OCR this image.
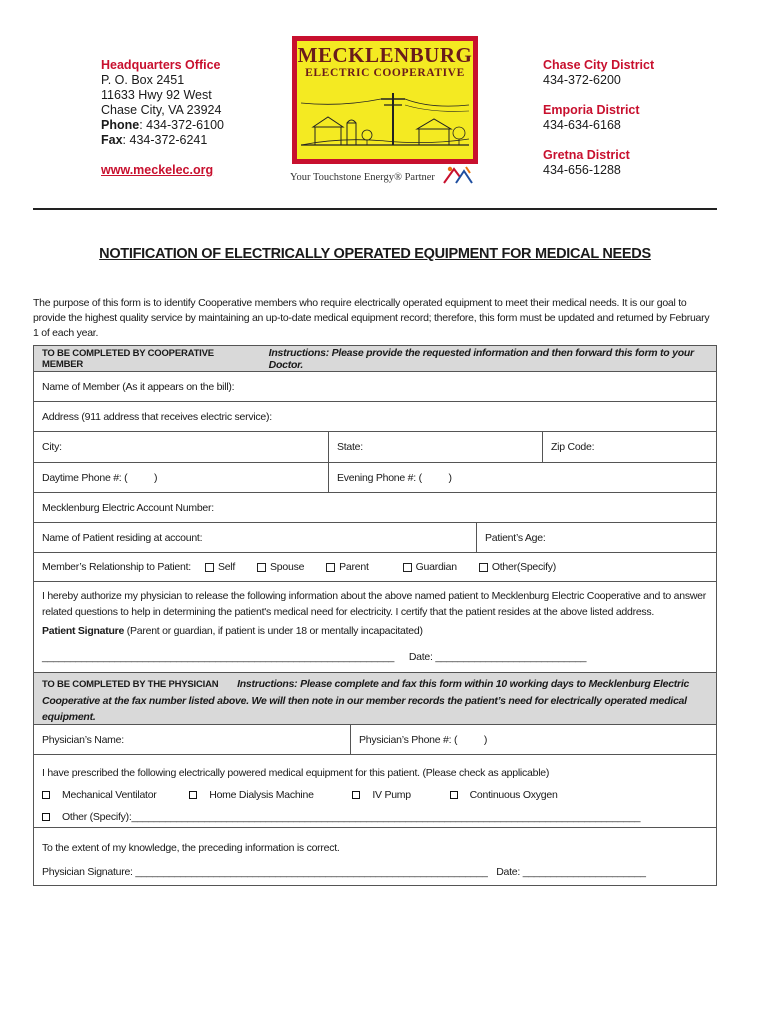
Headquarters Office
P. O. Box 2451
11633 Hwy 92 West
Chase City, VA 23924
Phone: 434-372-6100
Fax: 434-372-6241
www.meckelec.org
MECKLENBURG
ELECTRIC COOPERATIVE
Your Touchstone Energy® Partner
Chase City District
434-372-6200
Emporia District
434-634-6168
Gretna District
434-656-1288
NOTIFICATION OF ELECTRICALLY OPERATED EQUIPMENT FOR MEDICAL NEEDS
The purpose of this form is to identify Cooperative members who require electrically operated equipment to meet their medical needs. It is our goal to provide the highest quality service by maintaining an up-to-date medical equipment record; therefore, this form must be updated and returned by February 1 of each year.
TO BE COMPLETED BY COOPERATIVE MEMBER
Instructions: Please provide the requested information and then forward this form to your Doctor.
Name of Member (As it appears on the bill):
Address (911 address that receives electric service):
City:	State:	Zip Code:
Daytime Phone #: (          )	Evening Phone #: (          )
Mecklenburg Electric Account Number:
Name of Patient residing at account:	Patient’s Age:
Member’s Relationship to Patient:	Self	Spouse	Parent	Guardian	Other(Specify)
I hereby authorize my physician to release the following information about the above named patient to Mecklenburg Electric Cooperative and to answer related questions to help in determining the patient's medical need for electricity. I certify that the patient resides at the above listed address.
Patient Signature (Parent or guardian, if patient is under 18 or mentally incapacitated)
_______________________________________________________________ Date: ___________________________
TO BE COMPLETED BY THE PHYSICIAN Instructions: Please complete and fax this form within 10 working days to Mecklenburg Electric Cooperative at the fax number listed above. We will then note in our member records the patient’s need for electrically operated medical equipment.
Physician’s Name:	Physician’s Phone #: (          )
I have prescribed the following electrically powered medical equipment for this patient. (Please check as applicable)
Mechanical Ventilator	Home Dialysis Machine	IV Pump	Continuous Oxygen
Other (Specify):___________________________________________________________________________________________
To the extent of my knowledge, the preceding information is correct.
Physician Signature: _______________________________________________________________ Date: ______________________
